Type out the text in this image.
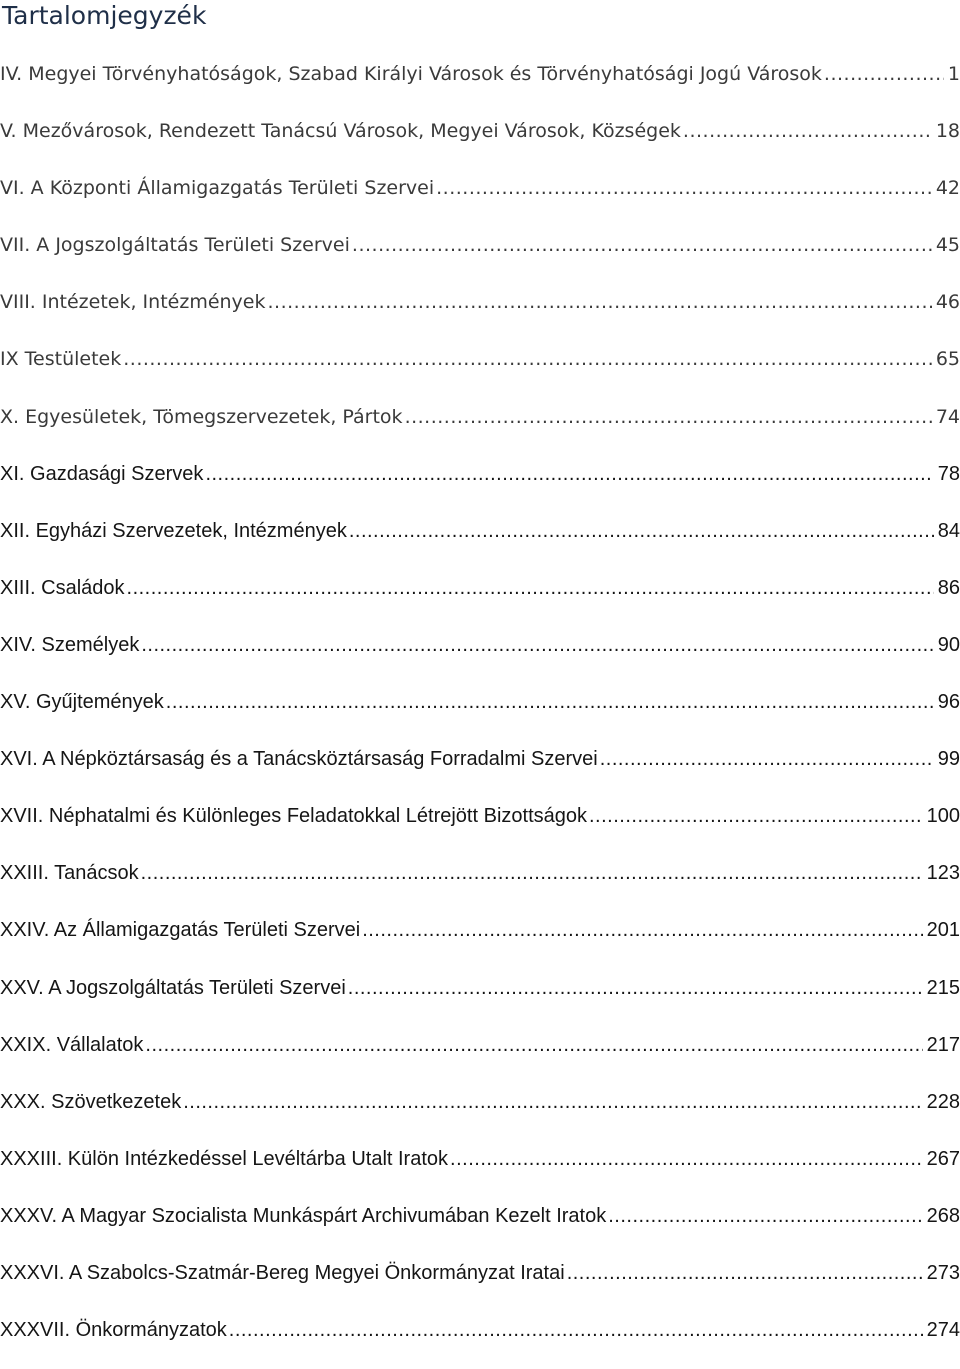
Tartalomjegyzék
IV. Megyei Törvényhatóságok, Szabad Királyi Városok és Törvényhatósági Jogú Városok .....	1
V. Mezővárosok, Rendezett Tanácsú Városok, Megyei Városok, Községek .....	18
VI. A Központi Államigazgatás Területi Szervei .....	42
VII. A Jogszolgáltatás Területi Szervei .....	45
VIII. Intézetek, Intézmények .....	46
IX Testületek .....	65
X. Egyesületek, Tömegszervezetek, Pártok .....	74
XI. Gazdasági Szervek .....	78
XII. Egyházi Szervezetek, Intézmények .....	84
XIII. Családok .....	86
XIV. Személyek .....	90
XV. Gyűjtemények .....	96
XVI. A Népköztársaság és a Tanácsköztársaság Forradalmi Szervei .....	99
XVII. Néphatalmi és Különleges Feladatokkal Létrejött Bizottságok .....	100
XXIII. Tanácsok .....	123
XXIV. Az Államigazgatás Területi Szervei .....	201
XXV. A Jogszolgáltatás Területi Szervei .....	215
XXIX. Vállalatok .....	217
XXX. Szövetkezetek .....	228
XXXIII. Külön Intézkedéssel Levéltárba Utalt Iratok .....	267
XXXV. A Magyar Szocialista Munkáspárt Archivumában Kezelt Iratok .....	268
XXXVI. A Szabolcs-Szatmár-Bereg Megyei Önkormányzat Iratai .....	273
XXXVII. Önkormányzatok .....	274
